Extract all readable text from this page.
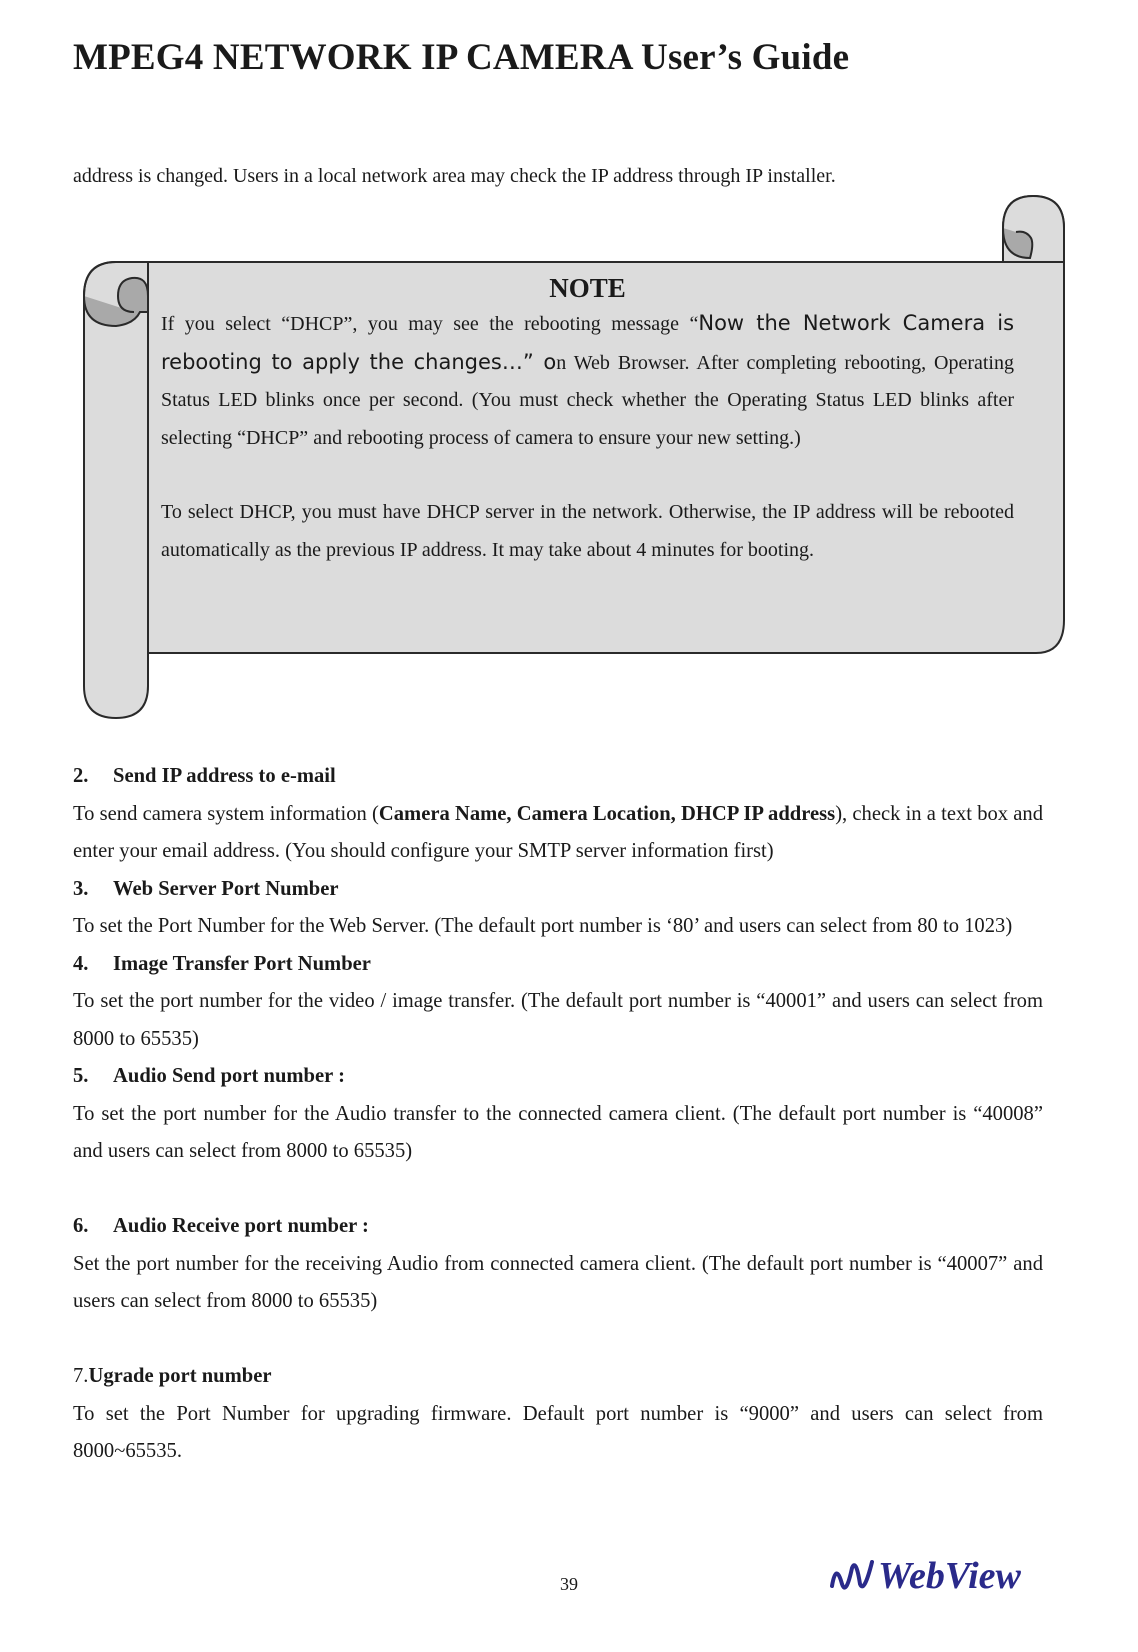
MPEG4 NETWORK IP CAMERA User’s Guide

address is changed. Users in a local network area may check the IP address through IP installer.

NOTE

If you select “DHCP”, you may see the rebooting message “Now the Network Camera is rebooting to apply the changes…” on Web Browser. After completing rebooting, Operating Status LED blinks once per second. (You must check whether the Operating Status LED blinks after selecting “DHCP” and rebooting process of camera to ensure your new setting.)

To select DHCP, you must have DHCP server in the network. Otherwise, the IP address will be rebooted automatically as the previous IP address. It may take about 4 minutes for booting.

2. Send IP address to e-mail

To send camera system information (Camera Name, Camera Location, DHCP IP address), check in a text box and enter your email address. (You should configure your SMTP server information first)

3. Web Server Port Number

To set the Port Number for the Web Server. (The default port number is ‘80’ and users can select from 80 to 1023)

4. Image Transfer Port Number

To set the port number for the video / image transfer. (The default port number is “40001” and users can select from 8000 to 65535)

5. Audio Send port number :

To set the port number for the Audio transfer to the connected camera client. (The default port number is “40008” and users can select from 8000 to 65535)

6. Audio Receive port number :

Set the port number for the receiving Audio from connected camera client. (The default port number is “40007” and users can select from 8000 to 65535)

7.Ugrade port number

To set the Port Number for upgrading firmware. Default port number is “9000” and users can select from 8000~65535.

39	WebView
